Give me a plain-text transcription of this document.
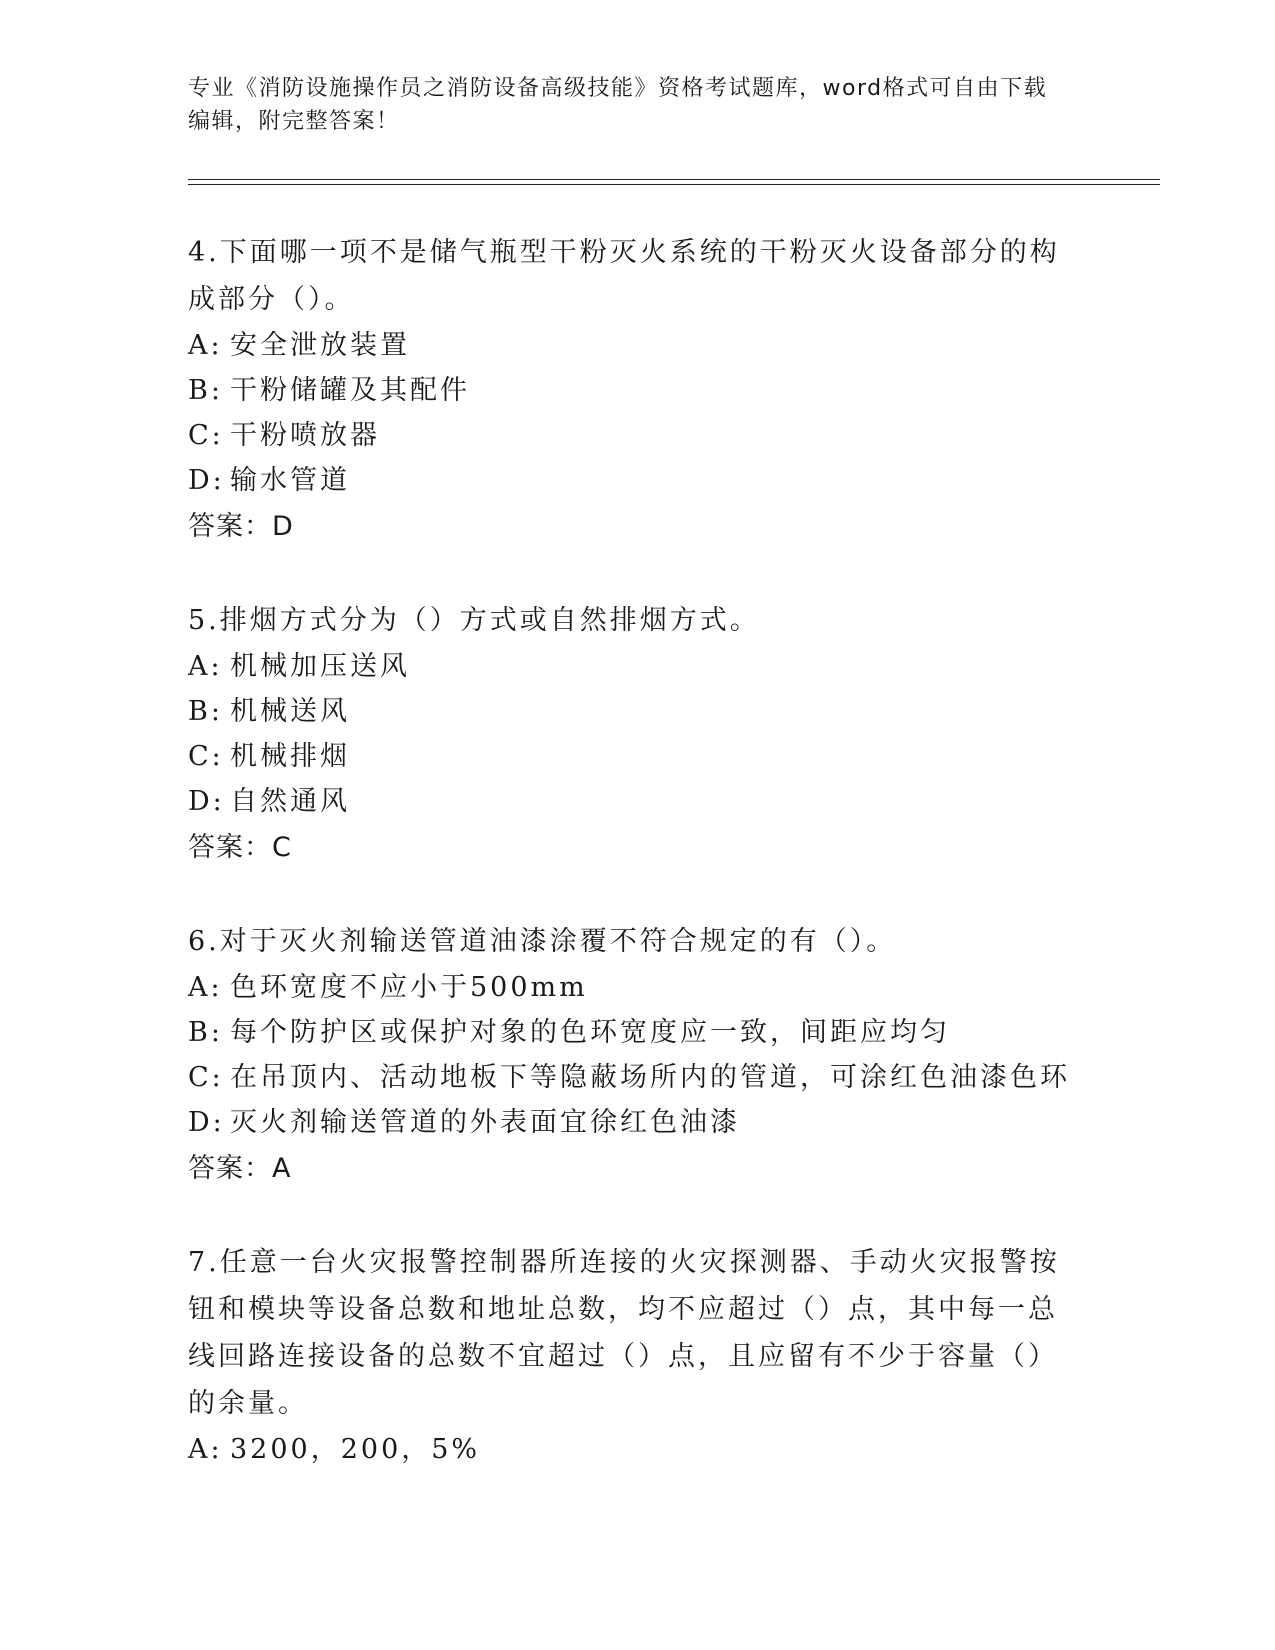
专业《消防设施操作员之消防设备高级技能》资格考试题库，word格式可自由下载编辑，附完整答案！

4.下面哪一项不是储气瓶型干粉灭火系统的干粉灭火设备部分的构成部分（）。

A: 安全泄放装置

B: 干粉储罐及其配件

C: 干粉喷放器

D: 输水管道

答案：D

5.排烟方式分为（）方式或自然排烟方式。

A: 机械加压送风

B: 机械送风

C: 机械排烟

D: 自然通风

答案：C

6.对于灭火剂输送管道油漆涂覆不符合规定的有（）。

A: 色环宽度不应小于500mm

B: 每个防护区或保护对象的色环宽度应一致，间距应均匀

C: 在吊顶内、活动地板下等隐蔽场所内的管道，可涂红色油漆色环

D: 灭火剂输送管道的外表面宜徐红色油漆

答案：A

7.任意一台火灾报警控制器所连接的火灾探测器、手动火灾报警按钮和模块等设备总数和地址总数，均不应超过（）点，其中每一总线回路连接设备的总数不宜超过（）点，且应留有不少于容量（）的余量。

A: 3200，200，5%
